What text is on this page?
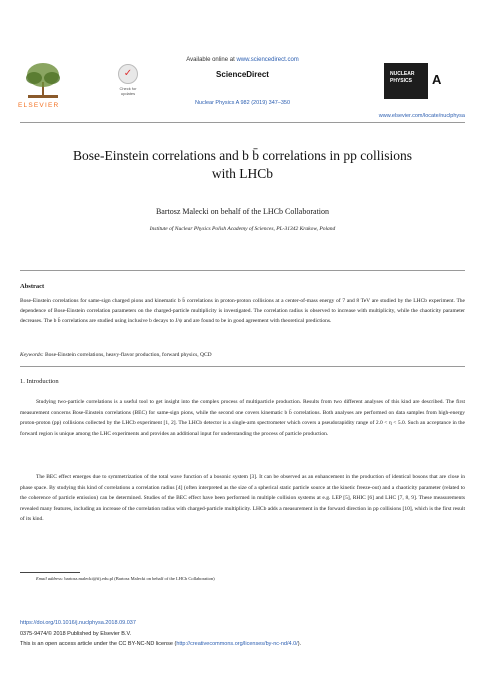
ELSEVIER
✓
Check for updates
Available online at www.sciencedirect.com
ScienceDirect
Nuclear Physics A 982 (2019) 347–350
NUCLEAR
PHYSICS	A
www.elsevier.com/locate/nuclphysa
Bose-Einstein correlations and b b̄ correlations in pp collisions
with LHCb
Bartosz Malecki on behalf of the LHCb Collaboration
Institute of Nuclear Physics Polish Academy of Sciences, PL-31342 Krakow, Poland
Abstract
Bose-Einstein correlations for same-sign charged pions and kinematic b b̄ correlations in proton-proton collisions at a center-of-mass energy of 7 and 8 TeV are studied by the LHCb experiment. The dependence of Bose-Einstein correlation parameters on the charged-particle multiplicity is investigated. The correlation radius is observed to increase with multiplicity, while the chaoticity parameter decreases. The b b̄ correlations are studied using inclusive b decays to J/ψ and are found to be in good agreement with theoretical predictions.
Keywords: Bose-Einstein correlations, heavy-flavor production, forward physics, QCD
1. Introduction
Studying two-particle correlations is a useful tool to get insight into the complex process of multiparticle production. Results from two different analyses of this kind are described. The first measurement concerns Bose-Einstein correlations (BEC) for same-sign pions, while the second one covers kinematic b b̄ correlations. Both analyses are performed on data samples from high-energy proton-proton (pp) collisions collected by the LHCb experiment [1, 2]. The LHCb detector is a single-arm spectrometer which covers a pseudorapidity range of 2.0 < η < 5.0. Such an acceptance in the forward region is unique among the LHC experiments and provides an additional input for understanding the process of particle production.
The BEC effect emerges due to symmetrization of the total wave function of a bosonic system [3]. It can be observed as an enhancement in the production of identical bosons that are close in phase space. By studying this kind of correlations a correlation radius [4] (often interpreted as the size of a spherical static particle source at the kinetic freeze-out) and a chaoticity parameter (related to the coherence of particle emission) can be determined. Studies of the BEC effect have been performed in multiple collision systems at e.g. LEP [5], RHIC [6] and LHC [7, 8, 9]. These measurements revealed many features, including an increase of the correlation radius with charged-particle multiplicity. LHCb adds a measurement in the forward direction in pp collisions [10], which is the first result of its kind.
Email address: bartosz.malecki@ifj.edu.pl (Bartosz Malecki on behalf of the LHCb Collaboration)
https://doi.org/10.1016/j.nuclphysa.2018.09.037
0375-9474/© 2018 Published by Elsevier B.V.
This is an open access article under the CC BY-NC-ND license (http://creativecommons.org/licenses/by-nc-nd/4.0/).
